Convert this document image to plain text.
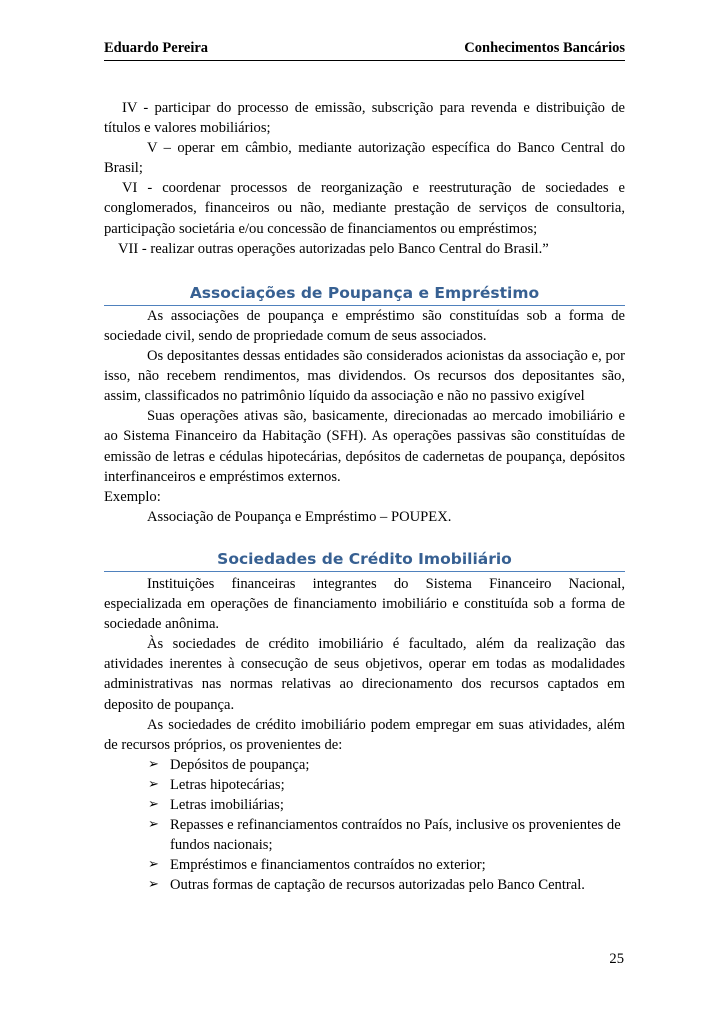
Eduardo Pereira	Conhecimentos Bancários

IV - participar do processo de emissão, subscrição para revenda e distribuição de títulos e valores mobiliários;

V – operar em câmbio, mediante autorização específica do Banco Central do Brasil;

VI - coordenar processos de reorganização e reestruturação de sociedades e conglomerados, financeiros ou não, mediante prestação de serviços de consultoria, participação societária e/ou concessão de financiamentos ou empréstimos;

VII - realizar outras operações autorizadas pelo Banco Central do Brasil.”

Associações de Poupança e Empréstimo

As associações de poupança e empréstimo são constituídas sob a forma de sociedade civil, sendo de propriedade comum de seus associados.

Os depositantes dessas entidades são considerados acionistas da associação e, por isso, não recebem rendimentos, mas dividendos. Os recursos dos depositantes são, assim, classificados no patrimônio líquido da associação e não no passivo exigível

Suas operações ativas são, basicamente, direcionadas ao mercado imobiliário e ao Sistema Financeiro da Habitação (SFH). As operações passivas são constituídas de emissão de letras e cédulas hipotecárias, depósitos de cadernetas de poupança, depósitos interfinanceiros e empréstimos externos.

Exemplo:

Associação de Poupança e Empréstimo – POUPEX.

Sociedades de Crédito Imobiliário

Instituições financeiras integrantes do Sistema Financeiro Nacional, especializada em operações de financiamento imobiliário e constituída sob a forma de sociedade anônima.

Às sociedades de crédito imobiliário é facultado, além da realização das atividades inerentes à consecução de seus objetivos, operar em todas as modalidades administrativas nas normas relativas ao direcionamento dos recursos captados em deposito de poupança.

As sociedades de crédito imobiliário podem empregar em suas atividades, além de recursos próprios, os provenientes de:

➢ Depósitos de poupança;
➢ Letras hipotecárias;
➢ Letras imobiliárias;
➢ Repasses e refinanciamentos contraídos no País, inclusive os provenientes de fundos nacionais;
➢ Empréstimos e financiamentos contraídos no exterior;
➢ Outras formas de captação de recursos autorizadas pelo Banco Central.
25
